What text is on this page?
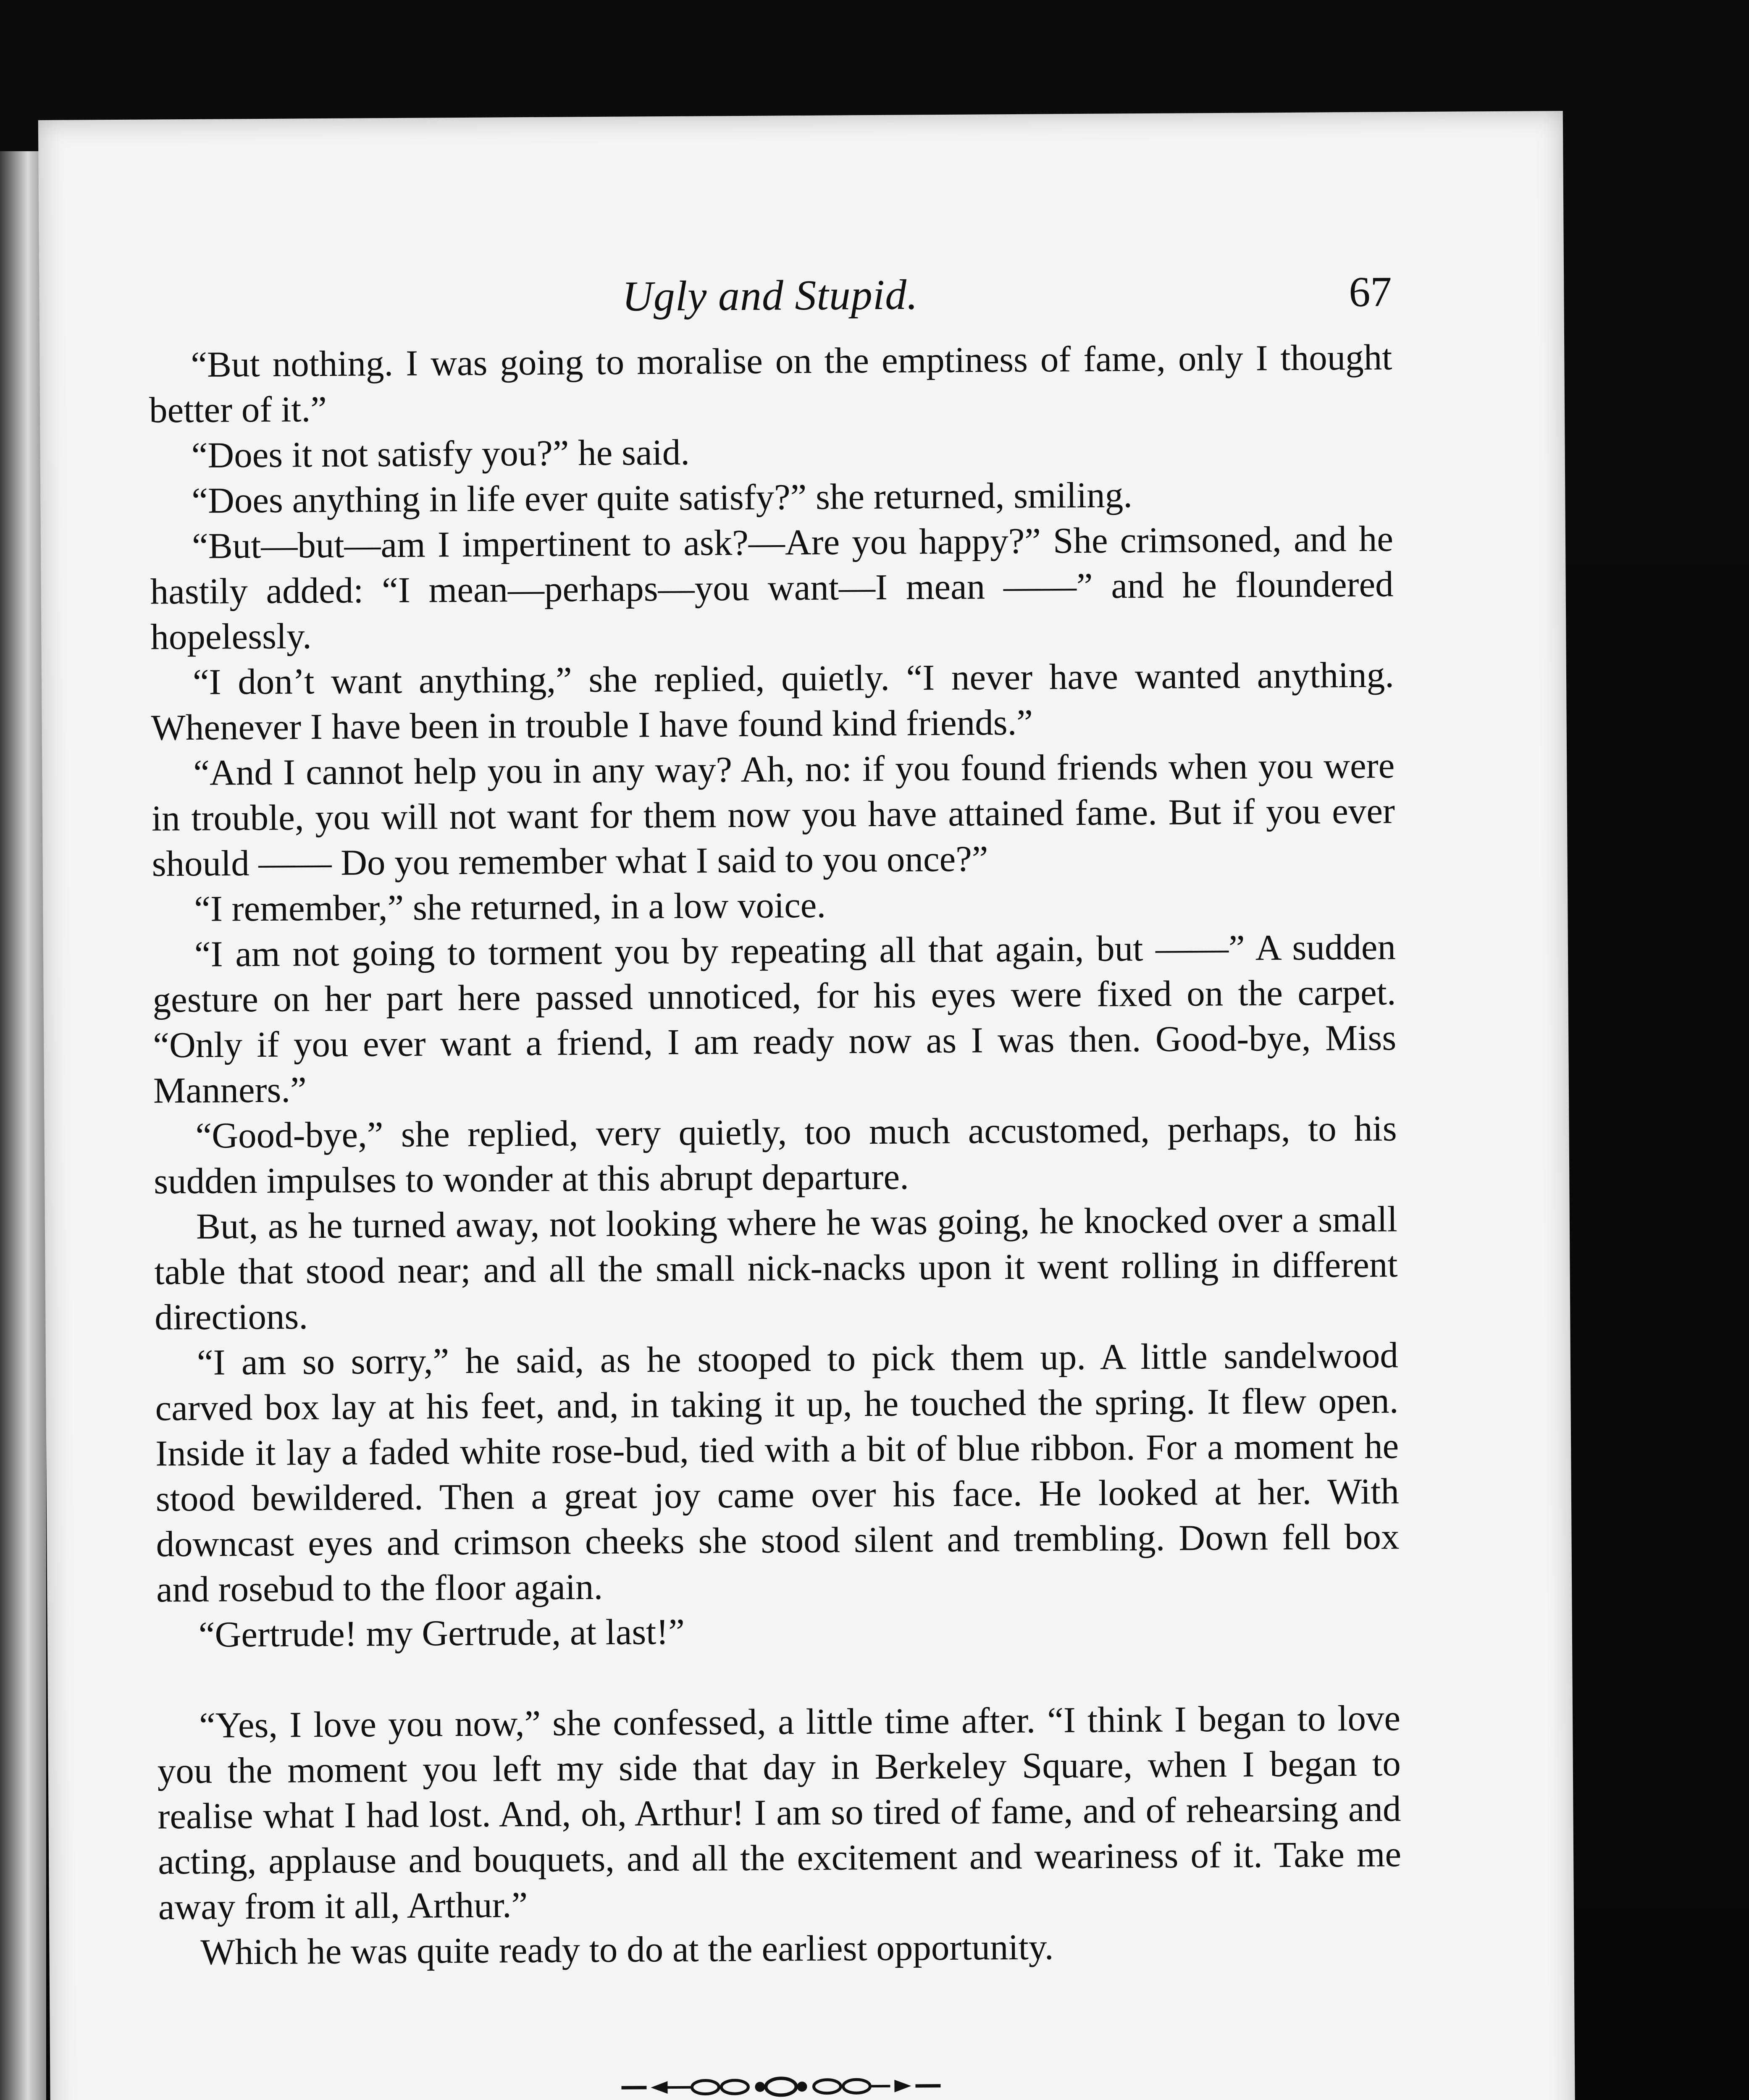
Ugly and Stupid.	67

“But nothing. I was going to moralise on the emptiness of fame, only I thought better of it.”

“Does it not satisfy you?” he said.

“Does anything in life ever quite satisfy?” she returned, smiling.

“But—but—am I impertinent to ask?—Are you happy?” She crimsoned, and he hastily added: “I mean—perhaps—you want—I mean ——” and he floundered hopelessly.

“I don’t want anything,” she replied, quietly. “I never have wanted anything. Whenever I have been in trouble I have found kind friends.”

“And I cannot help you in any way? Ah, no: if you found friends when you were in trouble, you will not want for them now you have attained fame. But if you ever should —— Do you remember what I said to you once?”

“I remember,” she returned, in a low voice.

“I am not going to torment you by repeating all that again, but ——” A sudden gesture on her part here passed unnoticed, for his eyes were fixed on the carpet. “Only if you ever want a friend, I am ready now as I was then. Good-bye, Miss Manners.”

“Good-bye,” she replied, very quietly, too much accustomed, perhaps, to his sudden impulses to wonder at this abrupt departure.

But, as he turned away, not looking where he was going, he knocked over a small table that stood near; and all the small nick-nacks upon it went rolling in different directions.

“I am so sorry,” he said, as he stooped to pick them up. A little sandelwood carved box lay at his feet, and, in taking it up, he touched the spring. It flew open. Inside it lay a faded white rose-bud, tied with a bit of blue ribbon. For a moment he stood bewildered. Then a great joy came over his face. He looked at her. With downcast eyes and crimson cheeks she stood silent and trembling. Down fell box and rosebud to the floor again.

“Gertrude! my Gertrude, at last!”

“Yes, I love you now,” she confessed, a little time after. “I think I began to love you the moment you left my side that day in Berkeley Square, when I began to realise what I had lost. And, oh, Arthur! I am so tired of fame, and of rehearsing and acting, applause and bouquets, and all the excitement and weariness of it. Take me away from it all, Arthur.”

Which he was quite ready to do at the earliest opportunity.
